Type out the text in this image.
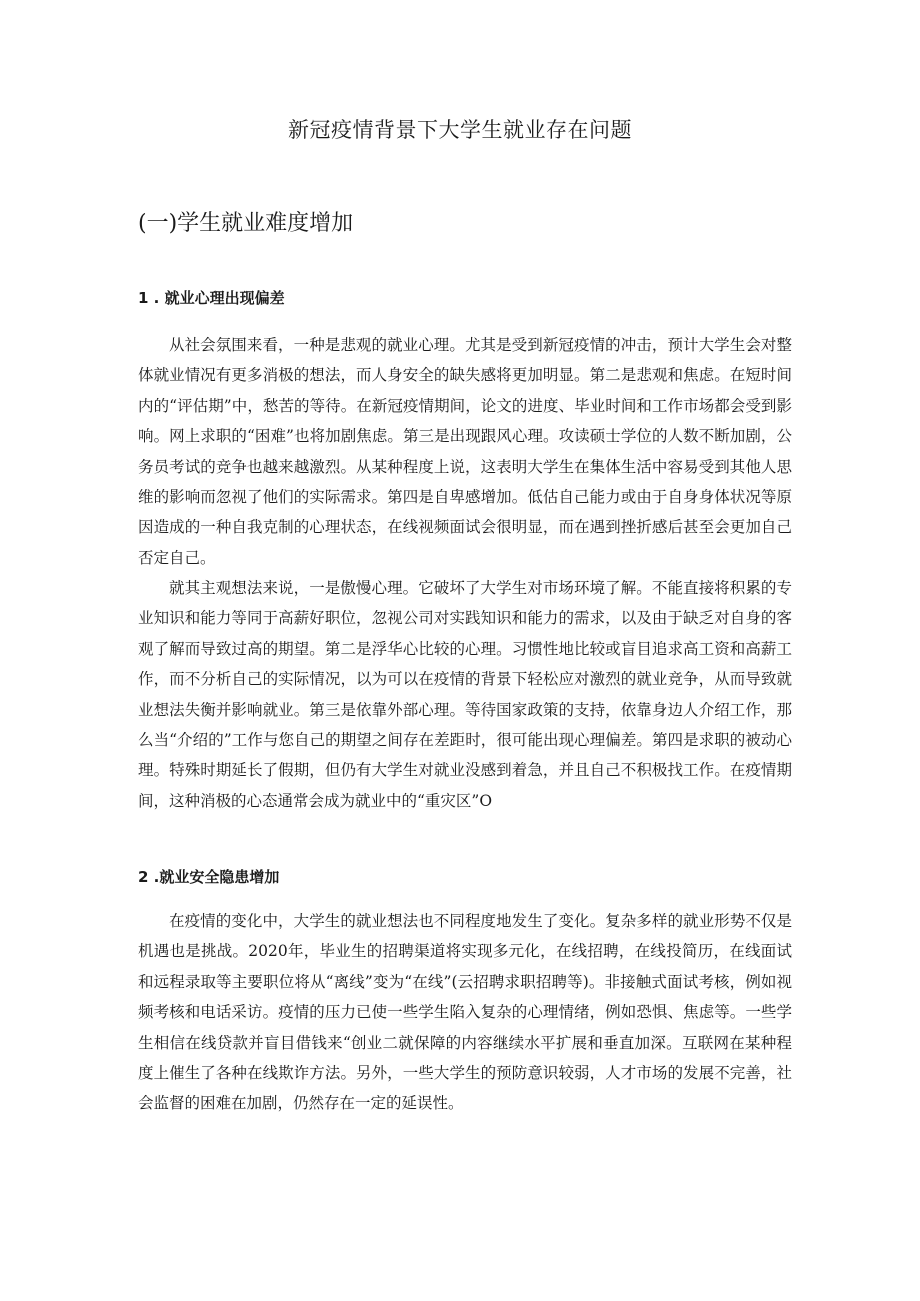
新冠疫情背景下大学生就业存在问题
(一)学生就业难度增加
1 . 就业心理出现偏差

从社会氛围来看，一种是悲观的就业心理。尤其是受到新冠疫情的冲击，预计大学生会对整体就业情况有更多消极的想法，而人身安全的缺失感将更加明显。第二是悲观和焦虑。在短时间内的“评估期”中，愁苦的等待。在新冠疫情期间，论文的进度、毕业时间和工作市场都会受到影响。网上求职的“困难”也将加剧焦虑。第三是出现跟风心理。攻读硕士学位的人数不断加剧，公务员考试的竞争也越来越激烈。从某种程度上说，这表明大学生在集体生活中容易受到其他人思维的影响而忽视了他们的实际需求。第四是自卑感增加。低估自己能力或由于自身身体状况等原因造成的一种自我克制的心理状态，在线视频面试会很明显，而在遇到挫折感后甚至会更加自己否定自己。

就其主观想法来说，一是傲慢心理。它破坏了大学生对市场环境了解。不能直接将积累的专业知识和能力等同于高薪好职位，忽视公司对实践知识和能力的需求，以及由于缺乏对自身的客观了解而导致过高的期望。第二是浮华心比较的心理。习惯性地比较或盲目追求高工资和高薪工作，而不分析自己的实际情况，以为可以在疫情的背景下轻松应对激烈的就业竞争，从而导致就业想法失衡并影响就业。第三是依靠外部心理。等待国家政策的支持，依靠身边人介绍工作，那么当“介绍的”工作与您自己的期望之间存在差距时，很可能出现心理偏差。第四是求职的被动心理。特殊时期延长了假期，但仍有大学生对就业没感到着急，并且自己不积极找工作。在疫情期间，这种消极的心态通常会成为就业中的“重灾区”O

2 .就业安全隐患增加

在疫情的变化中，大学生的就业想法也不同程度地发生了变化。复杂多样的就业形势不仅是机遇也是挑战。2020年，毕业生的招聘渠道将实现多元化，在线招聘，在线投简历，在线面试和远程录取等主要职位将从“离线”变为“在线”(云招聘求职招聘等)。非接触式面试考核，例如视频考核和电话采访。疫情的压力已使一些学生陷入复杂的心理情绪，例如恐惧、焦虑等。一些学生相信在线贷款并盲目借钱来“创业二就保障的内容继续水平扩展和垂直加深。互联网在某种程度上催生了各种在线欺诈方法。另外，一些大学生的预防意识较弱，人才市场的发展不完善，社会监督的困难在加剧，仍然存在一定的延误性。
